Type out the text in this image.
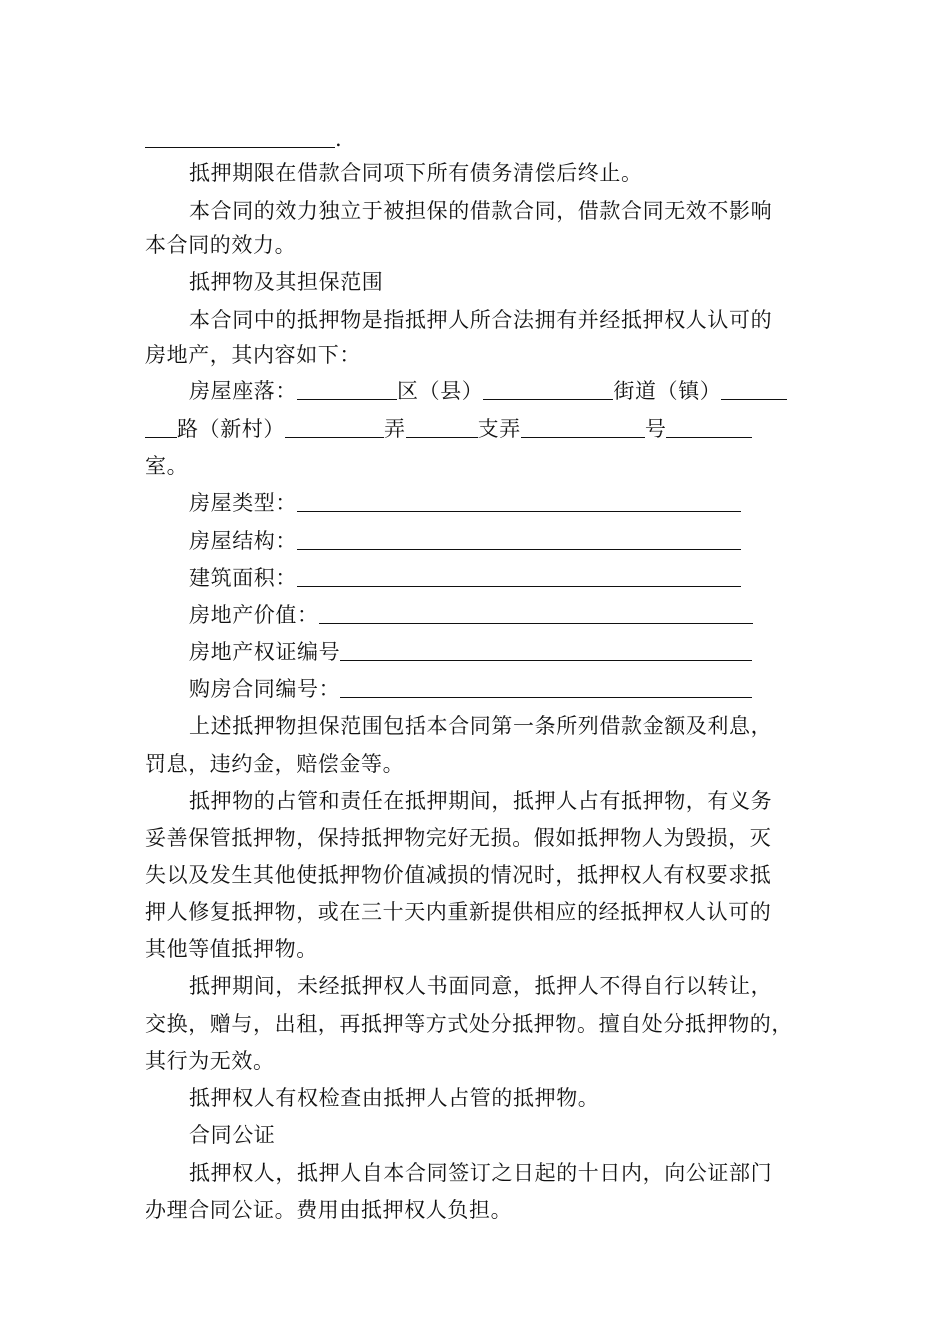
.
抵押期限在借款合同项下所有债务清偿后终止。
本合同的效力独立于被担保的借款合同，借款合同无效不影响
本合同的效力。
抵押物及其担保范围
本合同中的抵押物是指抵押人所合法拥有并经抵押权人认可的
房地产，其内容如下：
房屋座落：	区（县）	街道（镇）
路（新村）	弄	支弄	号
室。
房屋类型：
房屋结构：
建筑面积：
房地产价值：
房地产权证编号
购房合同编号：
上述抵押物担保范围包括本合同第一条所列借款金额及利息，
罚息，违约金，赔偿金等。
抵押物的占管和责任在抵押期间，抵押人占有抵押物，有义务
妥善保管抵押物，保持抵押物完好无损。假如抵押物人为毁损，灭
失以及发生其他使抵押物价值减损的情况时，抵押权人有权要求抵
押人修复抵押物，或在三十天内重新提供相应的经抵押权人认可的
其他等值抵押物。
抵押期间，未经抵押权人书面同意，抵押人不得自行以转让，
交换，赠与，出租，再抵押等方式处分抵押物。擅自处分抵押物的，
其行为无效。
抵押权人有权检查由抵押人占管的抵押物。
合同公证
抵押权人，抵押人自本合同签订之日起的十日内，向公证部门
办理合同公证。费用由抵押权人负担。
